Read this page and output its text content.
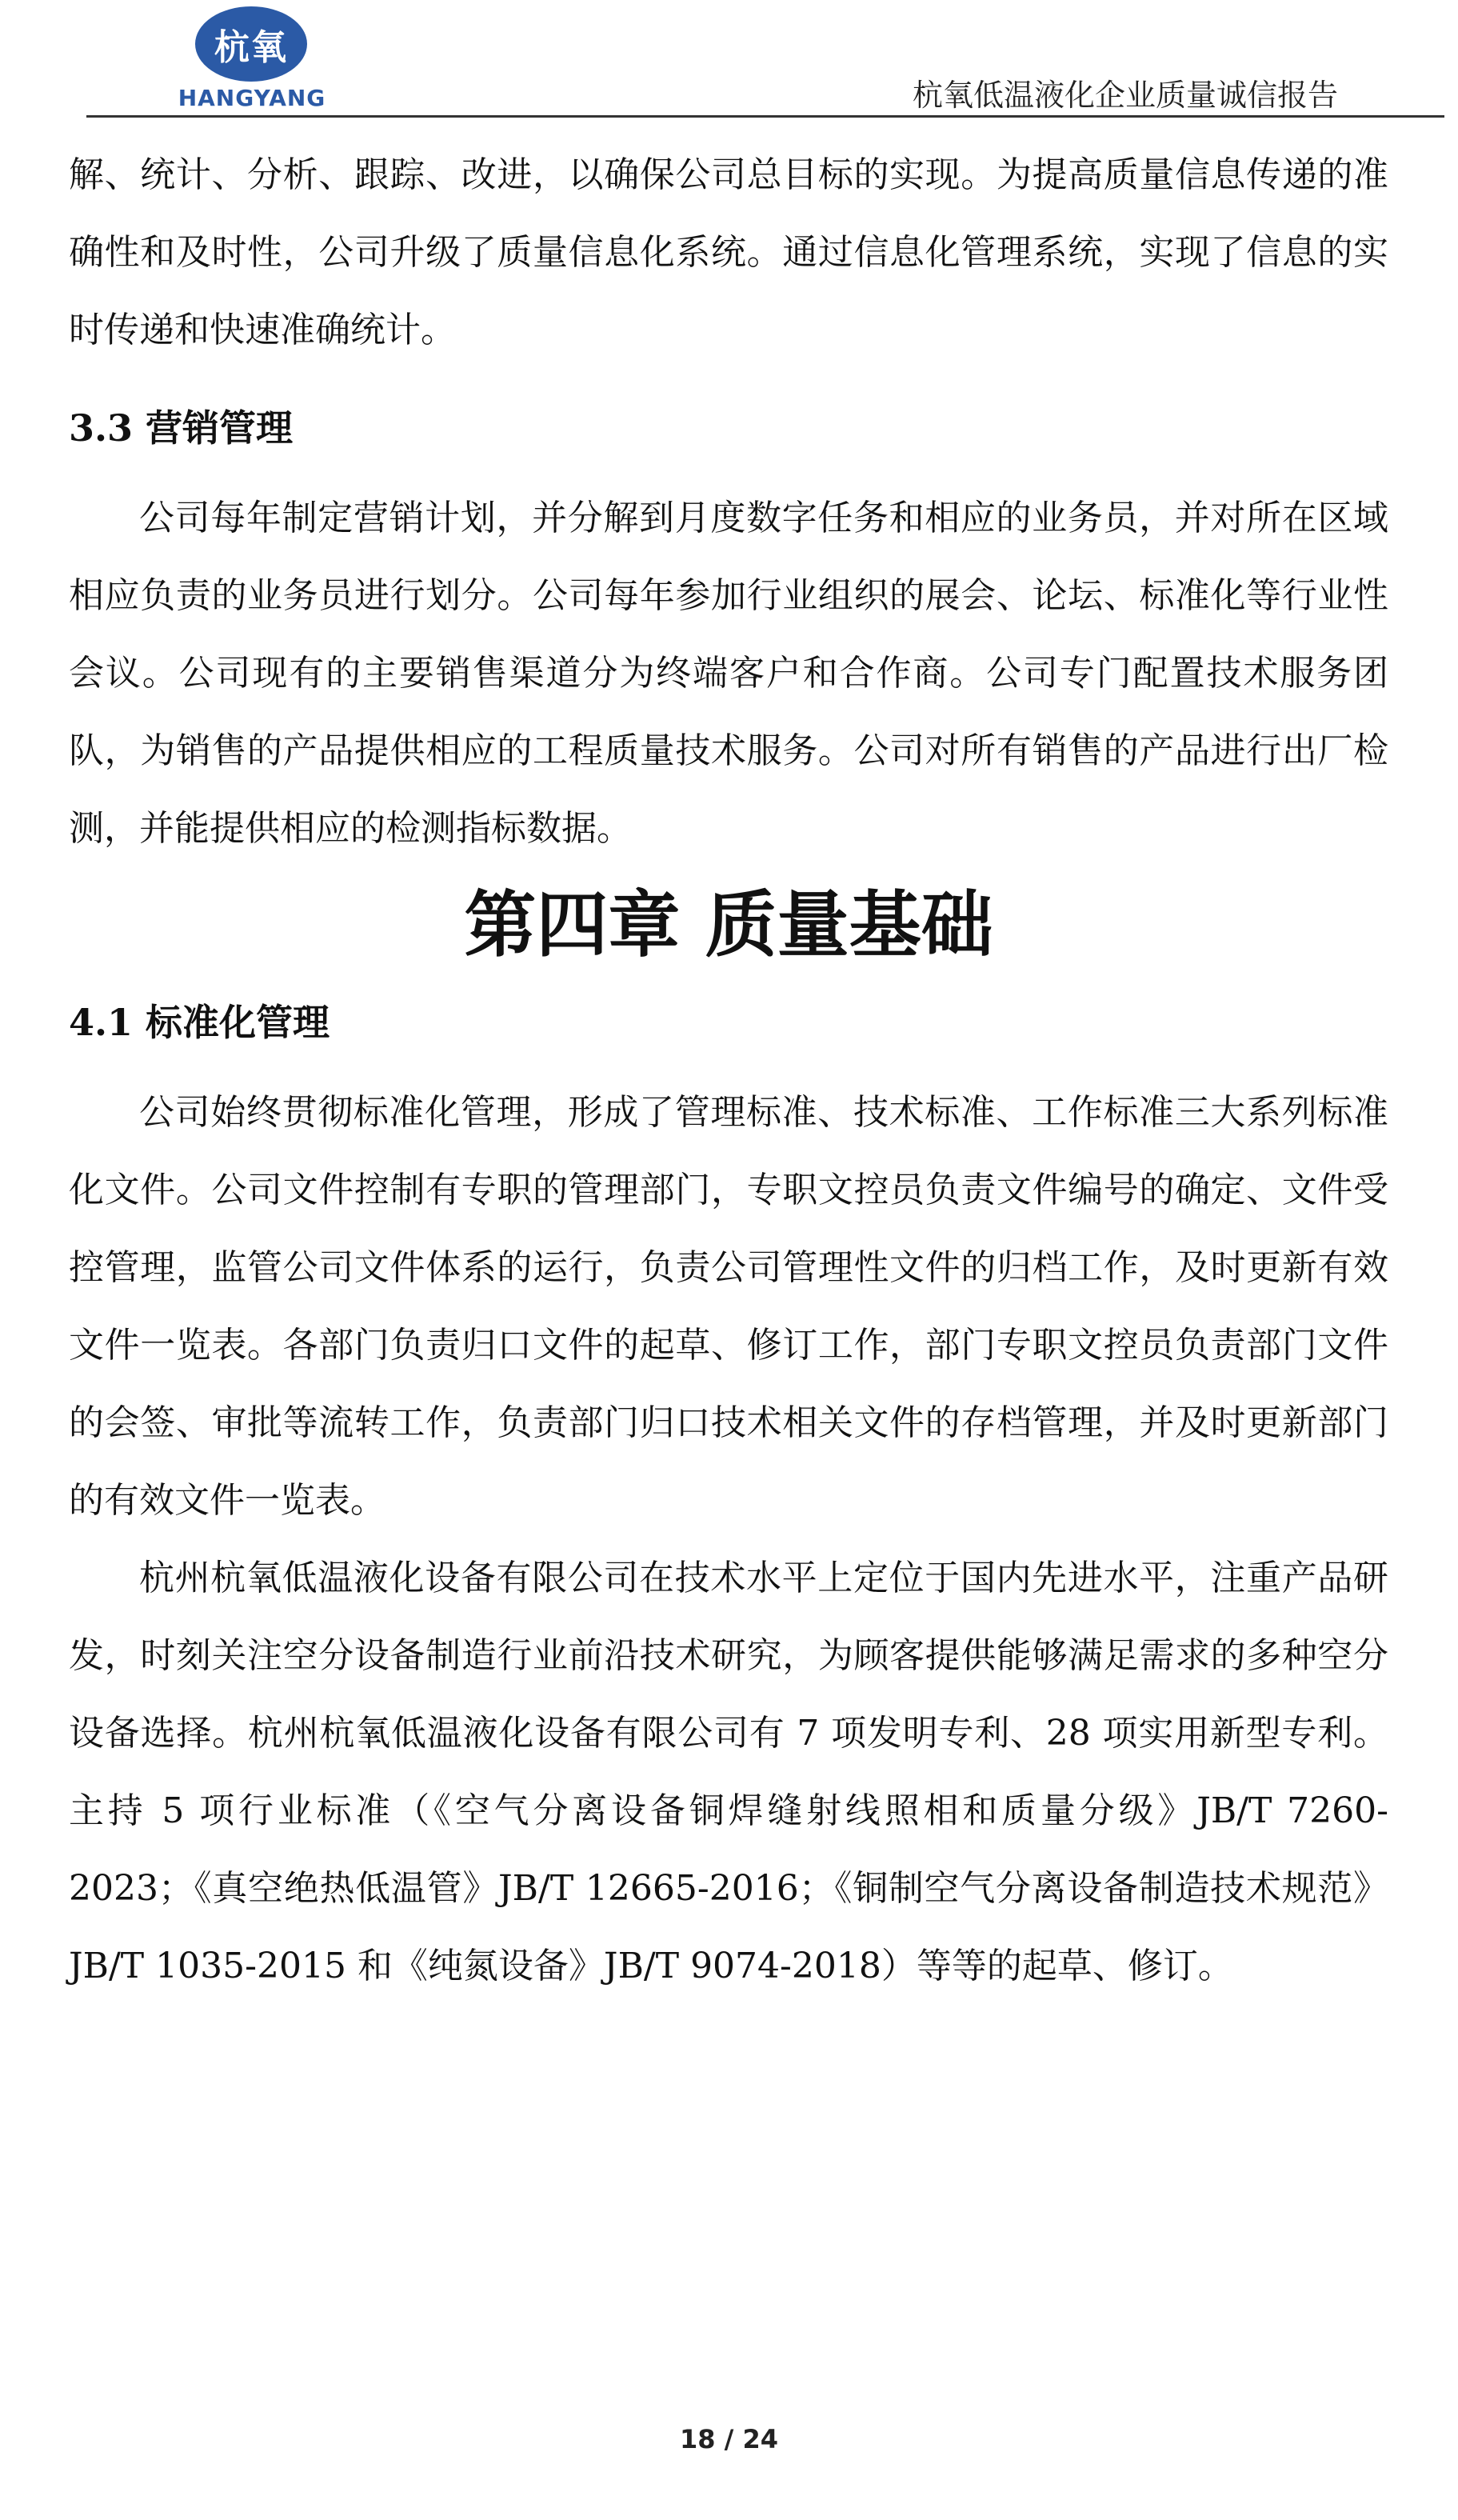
杭氧
HANGYANG	杭氧低温液化企业质量诚信报告

解、统计、分析、跟踪、改进，以确保公司总目标的实现。为提高质量信息传递的准确性和及时性，公司升级了质量信息化系统。通过信息化管理系统，实现了信息的实时传递和快速准确统计。

3.3 营销管理

公司每年制定营销计划，并分解到月度数字任务和相应的业务员，并对所在区域相应负责的业务员进行划分。公司每年参加行业组织的展会、论坛、标准化等行业性会议。公司现有的主要销售渠道分为终端客户和合作商。公司专门配置技术服务团队，为销售的产品提供相应的工程质量技术服务。公司对所有销售的产品进行出厂检测，并能提供相应的检测指标数据。

第四章 质量基础
4.1 标准化管理

公司始终贯彻标准化管理，形成了管理标准、技术标准、工作标准三大系列标准化文件。公司文件控制有专职的管理部门，专职文控员负责文件编号的确定、文件受控管理，监管公司文件体系的运行，负责公司管理性文件的归档工作，及时更新有效文件一览表。各部门负责归口文件的起草、修订工作，部门专职文控员负责部门文件的会签、审批等流转工作，负责部门归口技术相关文件的存档管理，并及时更新部门的有效文件一览表。

杭州杭氧低温液化设备有限公司在技术水平上定位于国内先进水平，注重产品研发，时刻关注空分设备制造行业前沿技术研究，为顾客提供能够满足需求的多种空分设备选择。杭州杭氧低温液化设备有限公司有 7 项发明专利、28 项实用新型专利。主持 5 项行业标准（《空气分离设备铜焊缝射线照相和质量分级》JB/T 7260-2023；《真空绝热低温管》JB/T 12665-2016；《铜制空气分离设备制造技术规范》JB/T 1035-2015 和《纯氮设备》JB/T 9074-2018）等等的起草、修订。

18 / 24
